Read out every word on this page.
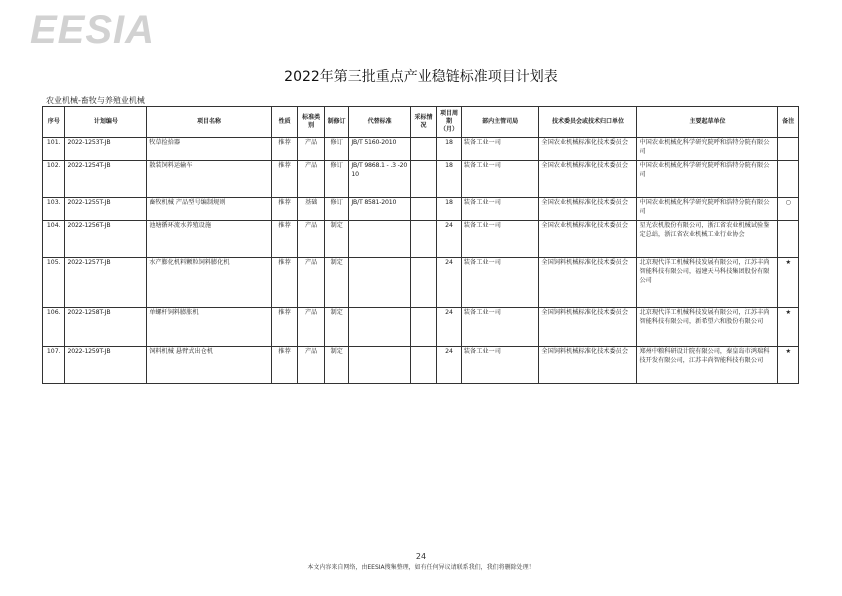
EESIA
2022年第三批重点产业稳链标准项目计划表
农业机械-畜牧与养殖业机械
序号	计划编号	项目名称	性质	标准类别	制修订	代替标准	采标情况	项目周期（月）	部内主管司局	技术委员会或技术归口单位	主要起草单位	备注
101.	2022-1253T-JB	牧草捡拾器	推荐	产品	修订	JB/T 5160-2010		18	装备工业一司	全国农业机械标准化技术委员会	中国农业机械化科学研究院呼和浩特分院有限公司	
102.	2022-1254T-JB	散装饲料运输车	推荐	产品	修订	JB/T 9868.1 - .3 -2010		18	装备工业一司	全国农业机械标准化技术委员会	中国农业机械化科学研究院呼和浩特分院有限公司	
103.	2022-1255T-JB	畜牧机械 产品型号编制规则	推荐	基础	修订	JB/T 8581-2010		18	装备工业一司	全国农业机械标准化技术委员会	中国农业机械化科学研究院呼和浩特分院有限公司	○
104.	2022-1256T-JB	池塘循环流水养殖设施	推荐	产品	制定			24	装备工业一司	全国农业机械标准化技术委员会	星光农机股份有限公司，浙江省农业机械试验鉴定总站，浙江省农业机械工业行业协会	
105.	2022-1257T-JB	水产膨化机料颗粒饲料膨化机	推荐	产品	制定			24	装备工业一司	全国饲料机械标准化技术委员会	北京现代洋工机械科技发展有限公司，江苏丰尚智能科技有限公司，福建天马科技集团股份有限公司	★
106.	2022-1258T-JB	单螺杆饲料膨胀机	推荐	产品	制定			24	装备工业一司	全国饲料机械标准化技术委员会	北京现代洋工机械科技发展有限公司，江苏丰尚智能科技有限公司，新希望六和股份有限公司	★
107.	2022-1259T-JB	饲料机械 悬臂式出仓机	推荐	产品	制定			24	装备工业一司	全国饲料机械标准化技术委员会	郑州中粮科研设计院有限公司，秦皇岛市鸿瑞科技开发有限公司，江苏丰尚智能科技有限公司	★
24
本文内容来自网络，由EESIA搜集整理，如有任何异议请联系我们，我们将删除处理！
